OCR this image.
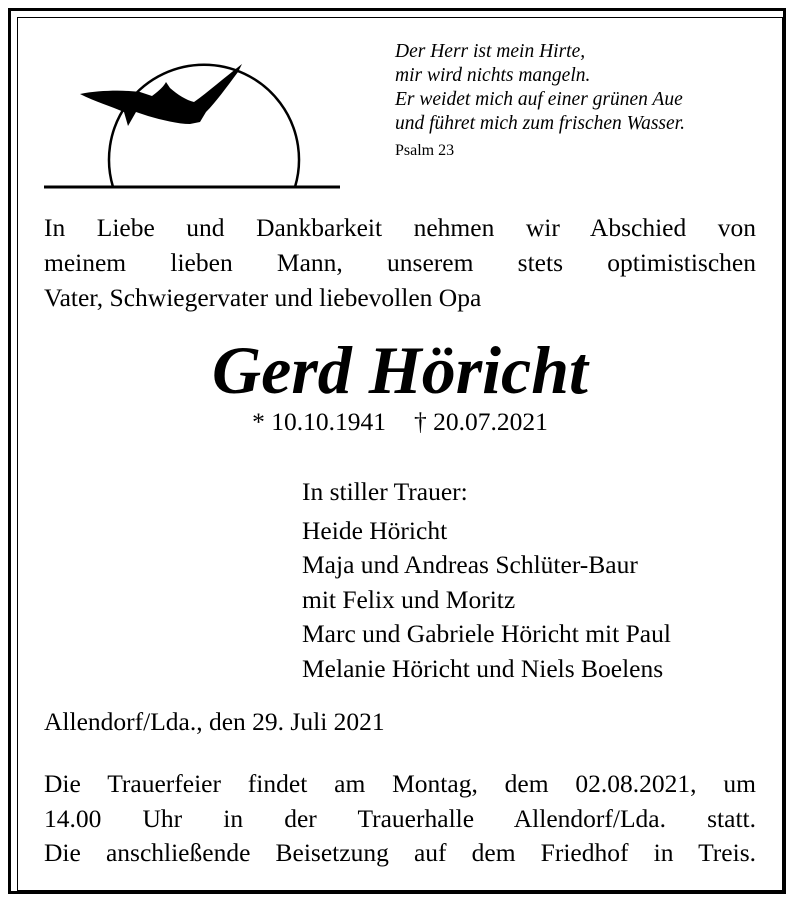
Der Herr ist mein Hirte,
mir wird nichts mangeln.
Er weidet mich auf einer grünen Aue
und führet mich zum frischen Wasser.
Psalm 23
In Liebe und Dankbarkeit nehmen wir Abschied von
meinem lieben Mann, unserem stets optimistischen
Vater, Schwiegervater und liebevollen Opa
Gerd Höricht
* 10.10.1941 † 20.07.2021
In stiller Trauer:
Heide Höricht
Maja und Andreas Schlüter-Baur
mit Felix und Moritz
Marc und Gabriele Höricht mit Paul
Melanie Höricht und Niels Boelens
Allendorf/Lda., den 29. Juli 2021
Die Trauerfeier findet am Montag, dem 02.08.2021, um
14.00 Uhr in der Trauerhalle Allendorf/Lda. statt.
Die anschließende Beisetzung auf dem Friedhof in Treis.
